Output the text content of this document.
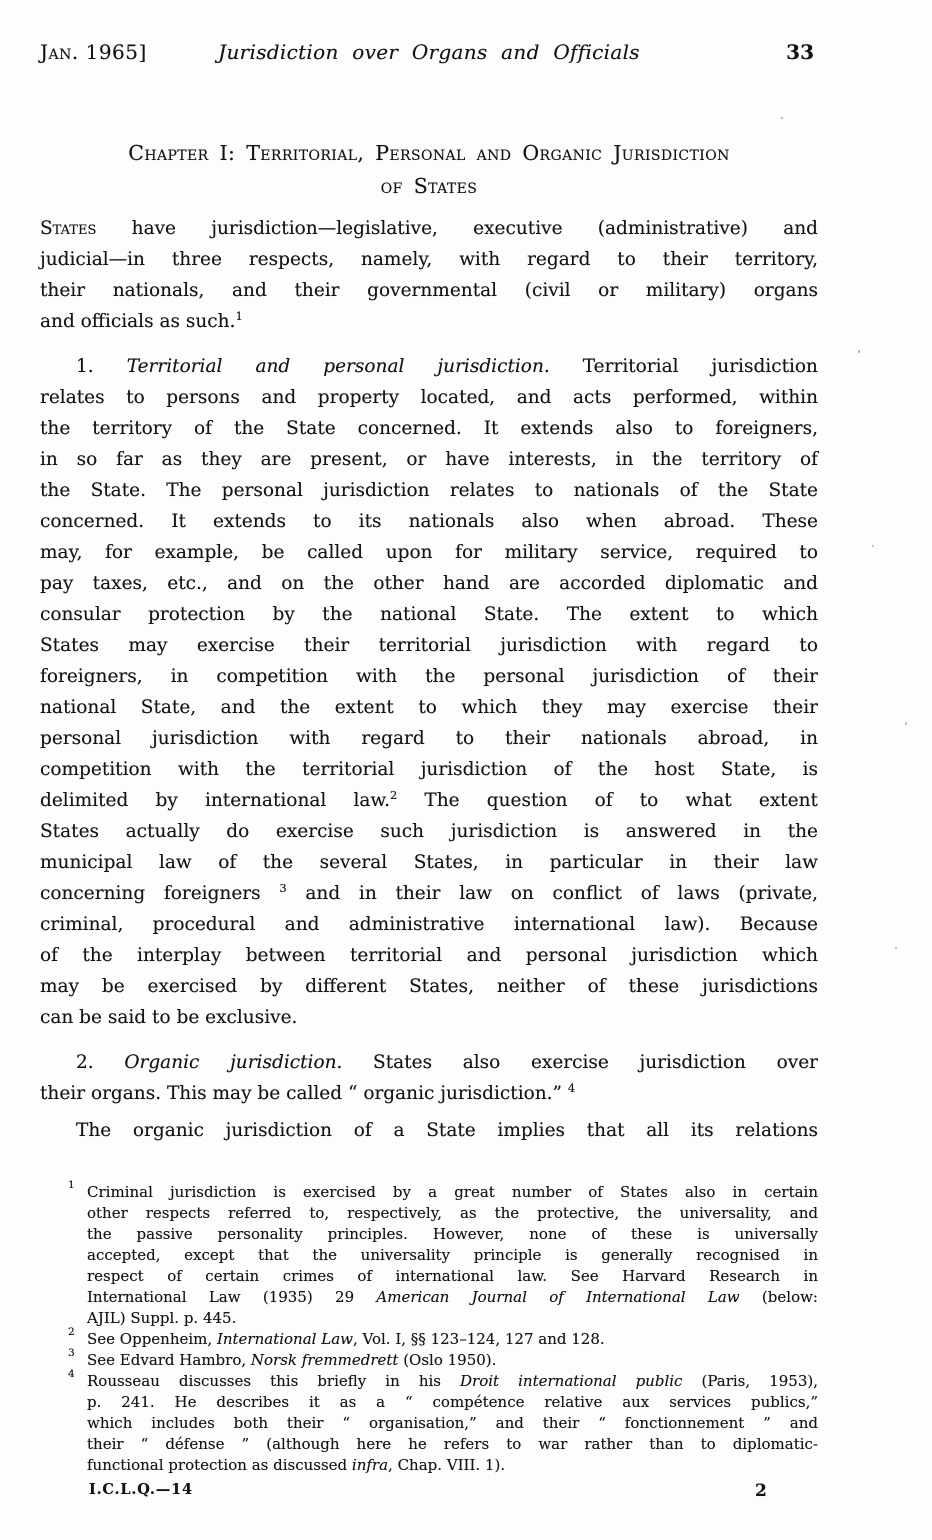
Jan. 1965]	Jurisdiction over Organs and Officials	33
Chapter I: Territorial, Personal and Organic Jurisdiction
of States
States have jurisdiction—legislative, executive (administrative) and
judicial—in three respects, namely, with regard to their territory,
their nationals, and their governmental (civil or military) organs
and officials as such.$^1$
1. Territorial and personal jurisdiction. Territorial jurisdiction
relates to persons and property located, and acts performed, within
the territory of the State concerned. It extends also to foreigners,
in so far as they are present, or have interests, in the territory of
the State. The personal jurisdiction relates to nationals of the State
concerned. It extends to its nationals also when abroad. These
may, for example, be called upon for military service, required to
pay taxes, etc., and on the other hand are accorded diplomatic and
consular protection by the national State. The extent to which
States may exercise their territorial jurisdiction with regard to
foreigners, in competition with the personal jurisdiction of their
national State, and the extent to which they may exercise their
personal jurisdiction with regard to their nationals abroad, in
competition with the territorial jurisdiction of the host State, is
delimited by international law.$^2$ The question of to what extent
States actually do exercise such jurisdiction is answered in the
municipal law of the several States, in particular in their law
concerning foreigners $^3$ and in their law on conflict of laws (private,
criminal, procedural and administrative international law). Because
of the interplay between territorial and personal jurisdiction which
may be exercised by different States, neither of these jurisdictions
can be said to be exclusive.
2. Organic jurisdiction. States also exercise jurisdiction over
their organs. This may be called “ organic jurisdiction.” $^4$
The organic jurisdiction of a State implies that all its relations
1 Criminal jurisdiction is exercised by a great number of States also in certain
other respects referred to, respectively, as the protective, the universality, and
the passive personality principles. However, none of these is universally
accepted, except that the universality principle is generally recognised in
respect of certain crimes of international law. See Harvard Research in
International Law (1935) 29 American Journal of International Law (below:
AJIL) Suppl. p. 445.
2 See Oppenheim, International Law, Vol. I, §§ 123–124, 127 and 128.
3 See Edvard Hambro, Norsk fremmedrett (Oslo 1950).
4 Rousseau discusses this briefly in his Droit international public (Paris, 1953),
p. 241. He describes it as a “ compétence relative aux services publics,”
which includes both their “ organisation,” and their “ fonctionnement ” and
their “ défense ” (although here he refers to war rather than to diplomatic-
functional protection as discussed infra, Chap. VIII. 1).
I.C.L.Q.—14	2
